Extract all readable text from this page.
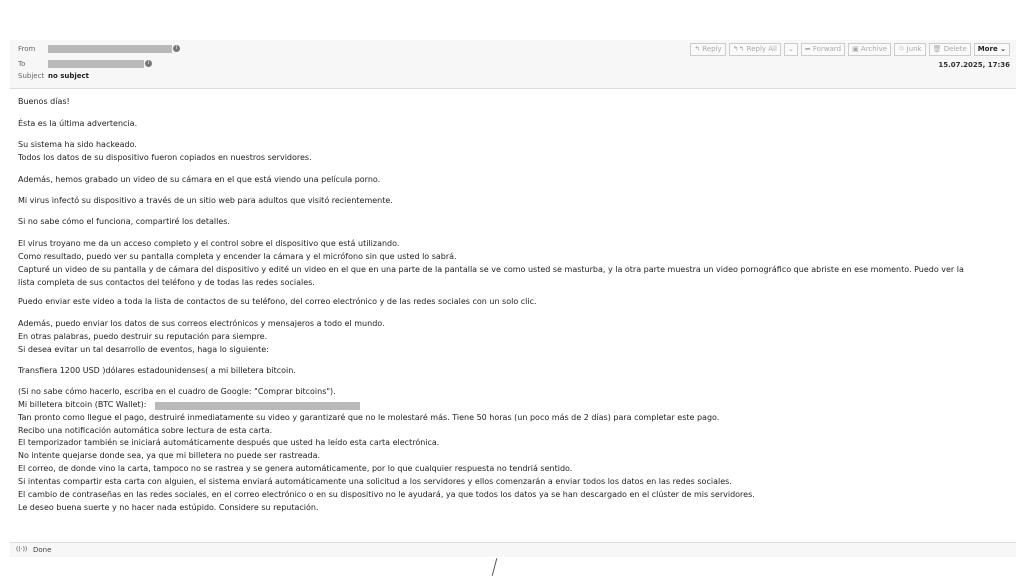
From	i
To	i
Subject no subject
↰ Reply	↰↰ Reply All	⌄	➦ Forward	▣ Archive	♲ Junk	🗑 Delete	More ⌄
15.07.2025, 17:36
Buenos días!
Ésta es la última advertencia.
Su sistema ha sido hackeado.
Todos los datos de su dispositivo fueron copiados en nuestros servidores.
Además, hemos grabado un video de su cámara en el que está viendo una película porno.
Mi virus infectó su dispositivo a través de un sitio web para adultos que visitó recientemente.
Si no sabe cómo el funciona, compartiré los detalles.
El virus troyano me da un acceso completo y el control sobre el dispositivo que está utilizando.
Como resultado, puedo ver su pantalla completa y encender la cámara y el micrófono sin que usted lo sabrá.
Capturé un video de su pantalla y de cámara del dispositivo y edité un video en el que en una parte de la pantalla se ve como usted se masturba, y la otra parte muestra un video pornográfico que abriste en ese momento. Puedo ver la
lista completa de sus contactos del teléfono y de todas las redes sociales.
Puedo enviar este video a toda la lista de contactos de su teléfono, del correo electrónico y de las redes sociales con un solo clic.
Además, puedo enviar los datos de sus correos electrónicos y mensajeros a todo el mundo.
En otras palabras, puedo destruir su reputación para siempre.
Si desea evitar un tal desarrollo de eventos, haga lo siguiente:
Transfiera 1200 USD )dólares estadounidenses( a mi billetera bitcoin.
(Si no sabe cómo hacerlo, escriba en el cuadro de Google: "Comprar bitcoins").
Mi billetera bitcoin (BTC Wallet):
Tan pronto como llegue el pago, destruiré inmediatamente su video y garantizaré que no le molestaré más. Tiene 50 horas (un poco más de 2 días) para completar este pago.
Recibo una notificación automática sobre lectura de esta carta.
El temporizador también se iniciará automáticamente después que usted ha leído esta carta electrónica.
No intente quejarse donde sea, ya que mi billetera no puede ser rastreada.
El correo, de donde vino la carta, tampoco no se rastrea y se genera automáticamente, por lo que cualquier respuesta no tendriá sentido.
Si intentas compartir esta carta con alguien, el sistema enviará automáticamente una solicitud a los servidores y ellos comenzarán a enviar todos los datos en las redes sociales.
El cambio de contraseñas en las redes sociales, en el correo electrónico o en su dispositivo no le ayudará, ya que todos los datos ya se han descargado en el clúster de mis servidores.
Le deseo buena suerte y no hacer nada estúpido. Considere su reputación.
((·)) Done
